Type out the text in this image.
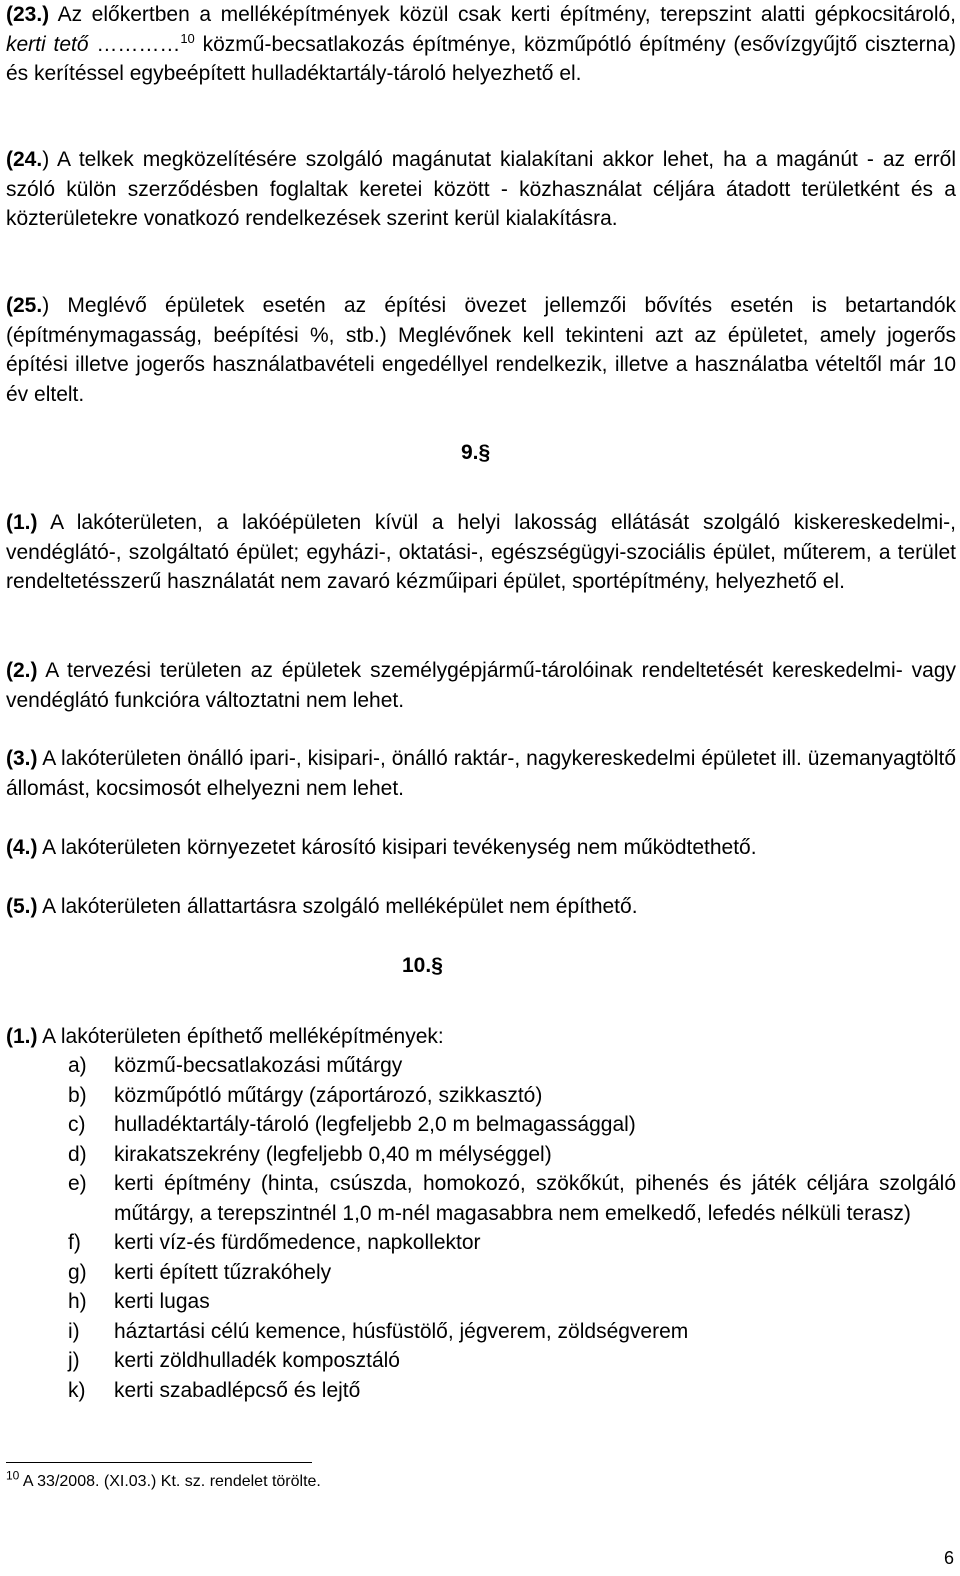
(23.) Az előkertben a melléképítmények közül csak kerti építmény, terepszint alatti gépkocsitároló, kerti tető …………$^{10}$ közmű-becsatlakozás építménye, közműpótló építmény (esővízgyűjtő ciszterna) és kerítéssel egybeépített hulladéktartály-tároló helyezhető el.

(24.) A telkek megközelítésére szolgáló magánutat kialakítani akkor lehet, ha a magánút - az erről szóló külön szerződésben foglaltak keretei között - közhasználat céljára átadott területként és a közterületekre vonatkozó rendelkezések szerint kerül kialakításra.

(25.) Meglévő épületek esetén az építési övezet jellemzői bővítés esetén is betartandók (építménymagasság, beépítési %, stb.) Meglévőnek kell tekinteni azt az épületet, amely jogerős építési illetve jogerős használatbavételi engedéllyel rendelkezik, illetve a használatba vételtől már 10 év eltelt.

9.§

(1.) A lakóterületen, a lakóépületen kívül a helyi lakosság ellátását szolgáló kiskereskedelmi-, vendéglátó-, szolgáltató épület; egyházi-, oktatási-, egészségügyi-szociális épület, műterem, a terület rendeltetésszerű használatát nem zavaró kézműipari épület, sportépítmény, helyezhető el.

(2.) A tervezési területen az épületek személygépjármű-tárolóinak rendeltetését kereskedelmi- vagy vendéglátó funkcióra változtatni nem lehet.

(3.) A lakóterületen önálló ipari-, kisipari-, önálló raktár-, nagykereskedelmi épületet ill. üzemanyagtöltő állomást, kocsimosót elhelyezni nem lehet.

(4.) A lakóterületen környezetet károsító kisipari tevékenység nem működtethető.

(5.) A lakóterületen állattartásra szolgáló melléképület nem építhető.

10.§

(1.) A lakóterületen építhető melléképítmények:

a)	közmű-becsatlakozási műtárgy
b)	közműpótló műtárgy (záportározó, szikkasztó)
c)	hulladéktartály-tároló (legfeljebb 2,0 m belmagassággal)
d)	kirakatszekrény (legfeljebb 0,40 m mélységgel)
e)	kerti építmény (hinta, csúszda, homokozó, szökőkút, pihenés és játék céljára szolgáló műtárgy, a terepszintnél 1,0 m-nél magasabbra nem emelkedő, lefedés nélküli terasz)
f)	kerti víz-és fürdőmedence, napkollektor
g)	kerti épített tűzrakóhely
h)	kerti lugas
i)	háztartási célú kemence, húsfüstölő, jégverem, zöldségverem
j)	kerti zöldhulladék komposztáló
k)	kerti szabadlépcső és lejtő
$^{10}$ A 33/2008. (XI.03.) Kt. sz. rendelet törölte.
6
